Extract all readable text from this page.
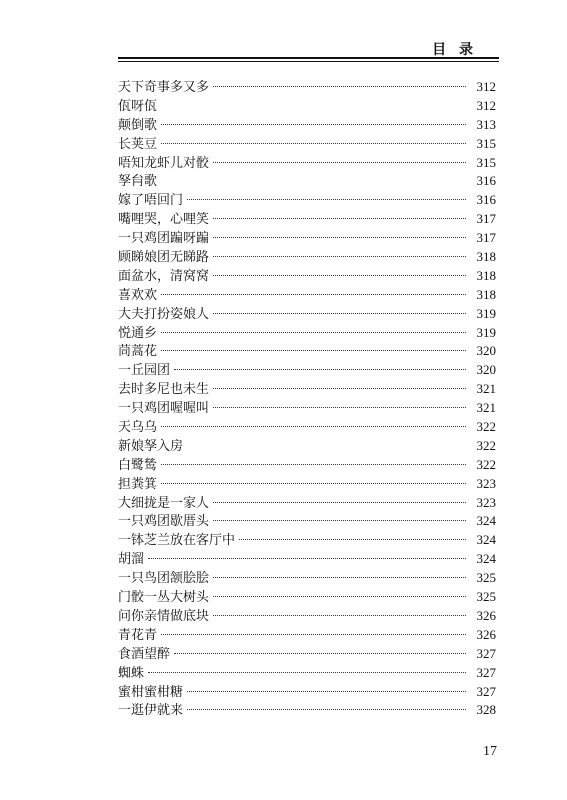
目 录
天下奇事多又多	312
佤呀佤	312
颠倒歌	313
长荚豆	315
唔知龙虾儿对骹	315
孥䏍歌	316
嫁了唔回门	316
嘴哩哭，心哩笑	317
一只鸡团蹁呀蹁	317
顾睇娘团无睇路	318
面盆水，清窝窝	318
喜欢欢	318
大夫打扮姿娘人	319
悦通乡	319
茼蒿花	320
一丘园团	320
去时多尼也未生	321
一只鸡团喔喔叫	321
天乌乌	322
新娘孥入房	322
白鹭鸶	322
担粪箕	323
大细拢是一家人	323
一只鸡团歇厝头	324
一钵芝兰放在客厅中	324
胡溜	324
一只鸟团颔脍脍	325
门骹一丛大树头	325
问你亲情做底块	326
青花青	326
食酒望醉	327
蜘蛛	327
蜜柑蜜柑糖	327
一逛伊就来	328
17
